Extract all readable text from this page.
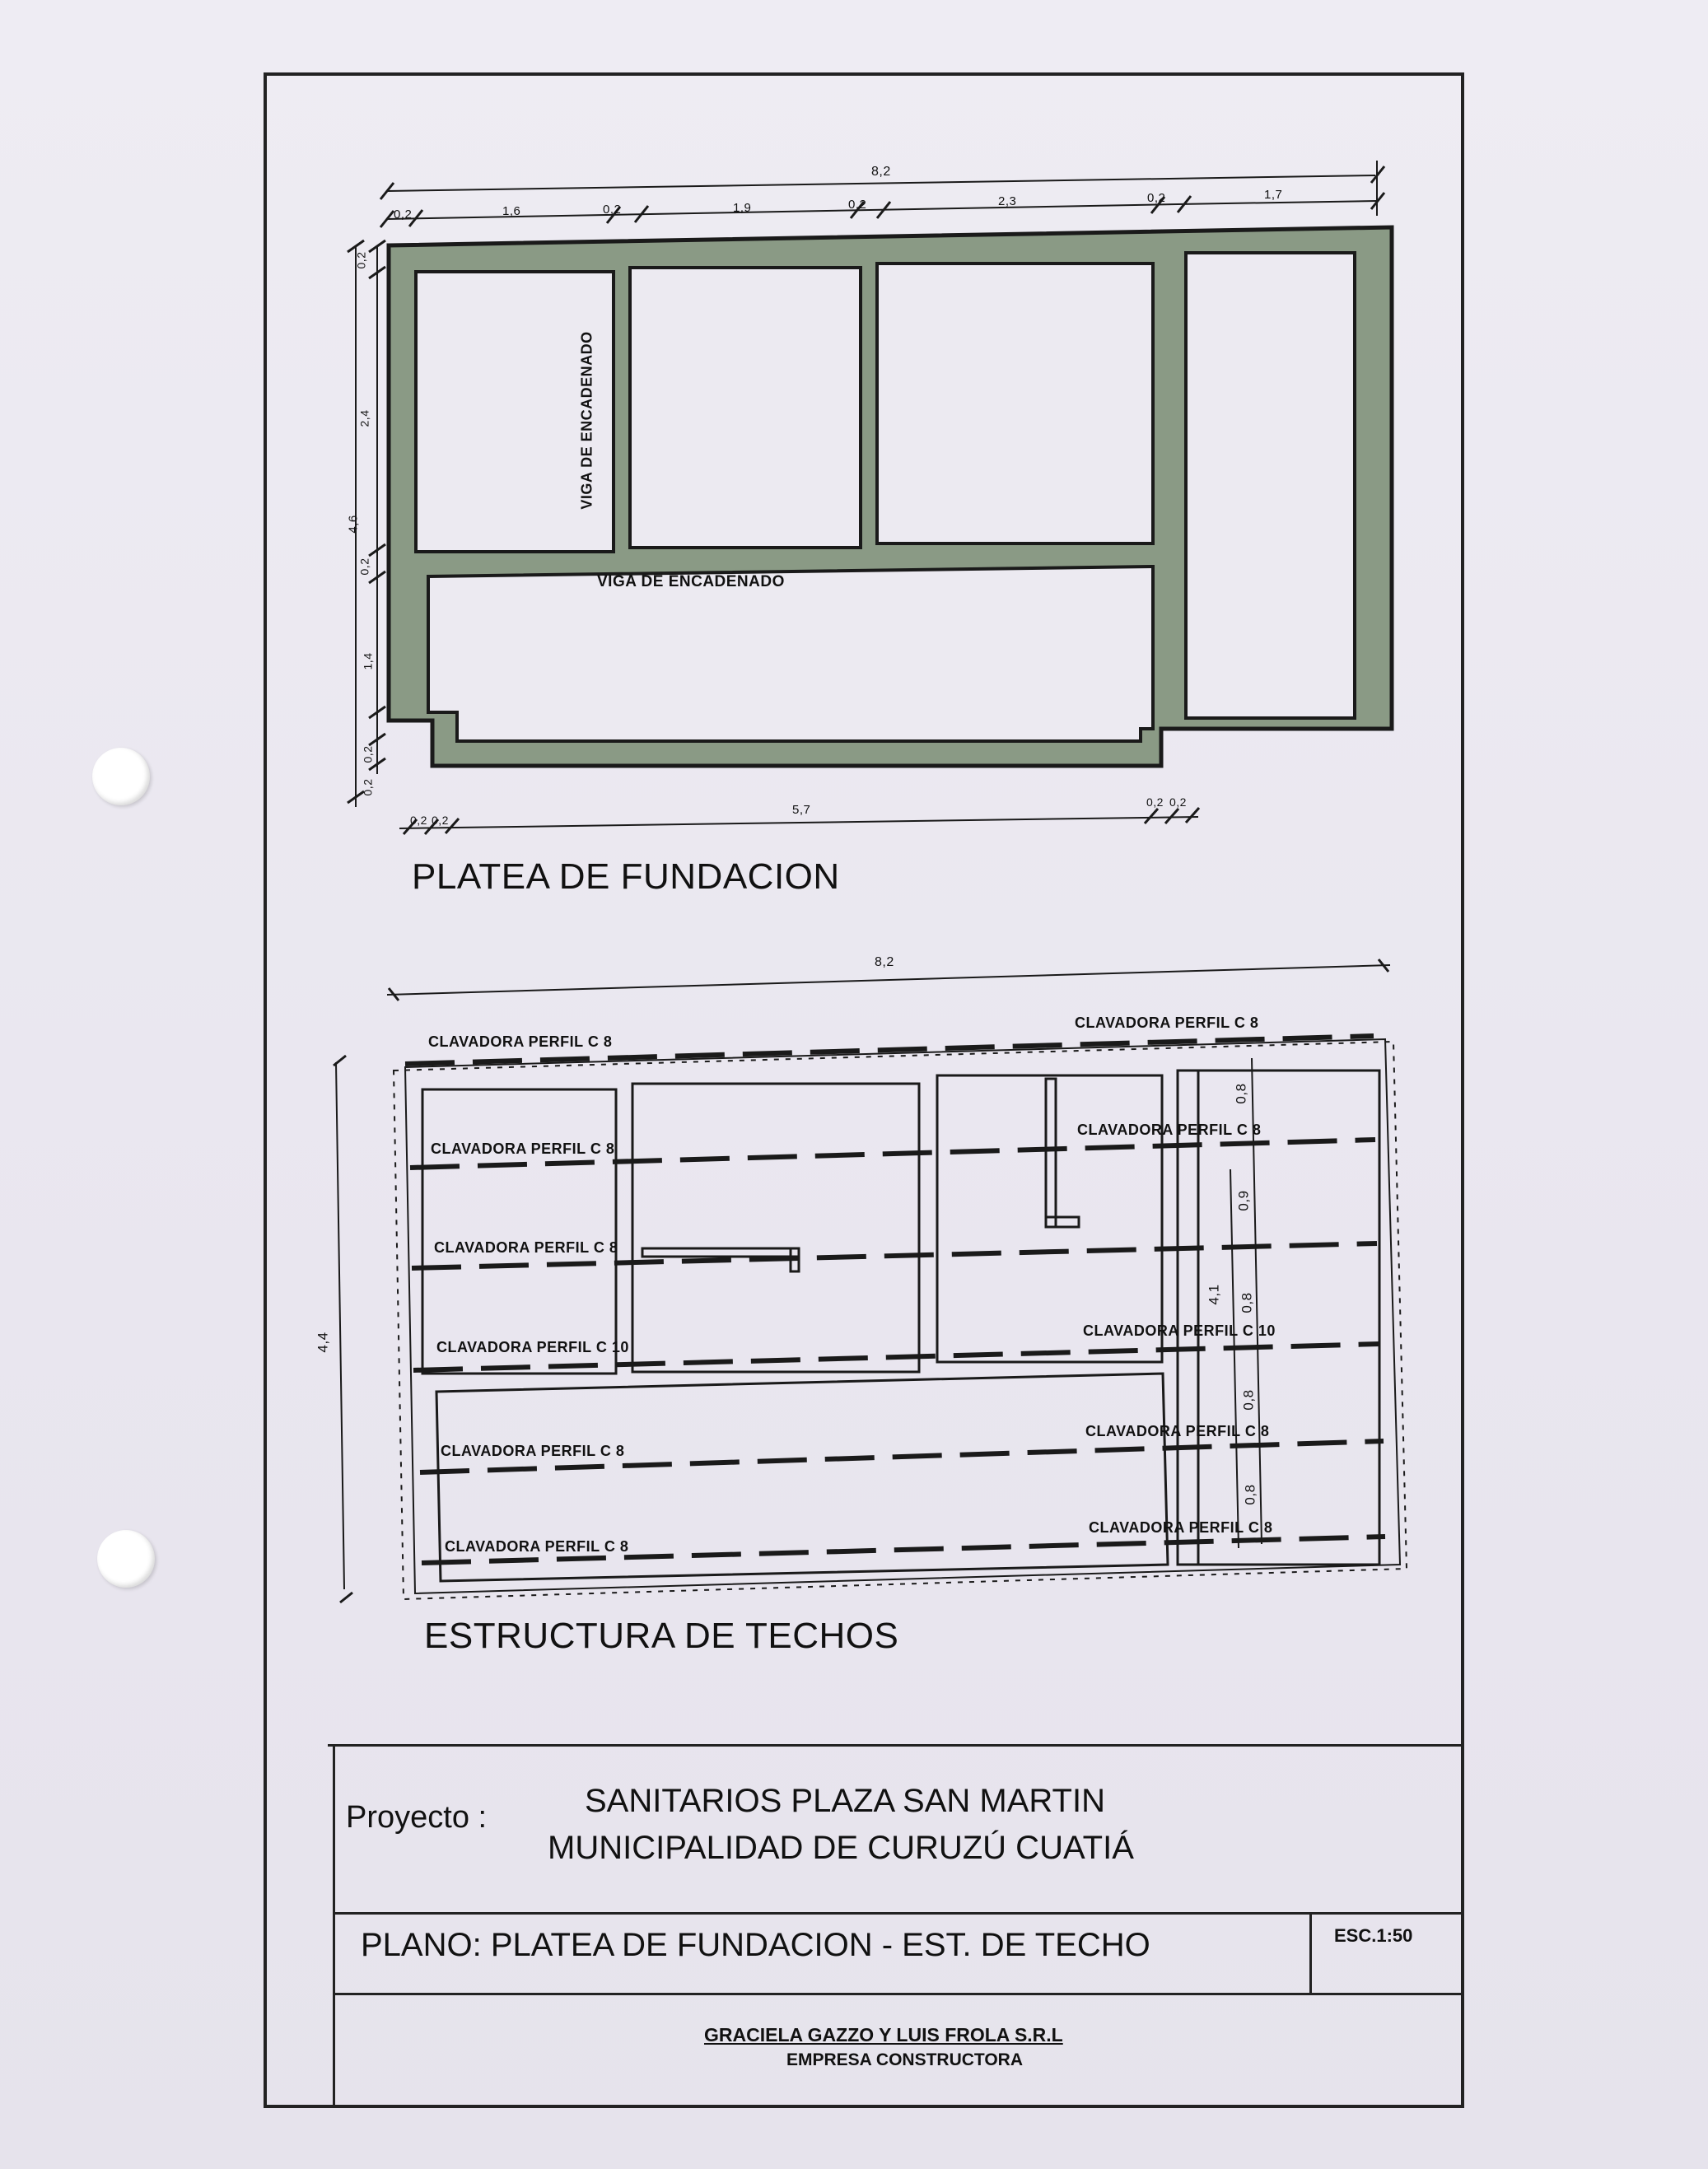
8,2
0,2	1,6	0,2	1,9	0,2	2,3	0,2	1,7
4,6
0,2
2,4
0,2
1,4
0,2
0,2
0,2 0,2
5,7
0,2 0,2
VIGA DE ENCADENADO
VIGA DE ENCADENADO
PLATEA DE FUNDACION
8,2
4,4
CLAVADORA PERFIL C 8
CLAVADORA PERFIL C 8
CLAVADORA PERFIL C 8
CLAVADORA PERFIL C 8
CLAVADORA PERFIL C 8
CLAVADORA PERFIL C 10
CLAVADORA PERFIL C 10
CLAVADORA PERFIL C 8
CLAVADORA PERFIL C 8
CLAVADORA PERFIL C 8
CLAVADORA PERFIL C 8
0,8
0,9
4,1 0,8
0,8
0,8
ESTRUCTURA DE TECHOS
Proyecto :	SANITARIOS PLAZA SAN MARTIN
MUNICIPALIDAD DE CURUZÚ CUATIÁ
PLANO: PLATEA DE FUNDACION - EST. DE TECHO	ESC.1:50
GRACIELA GAZZO Y LUIS FROLA S.R.L
EMPRESA CONSTRUCTORA
